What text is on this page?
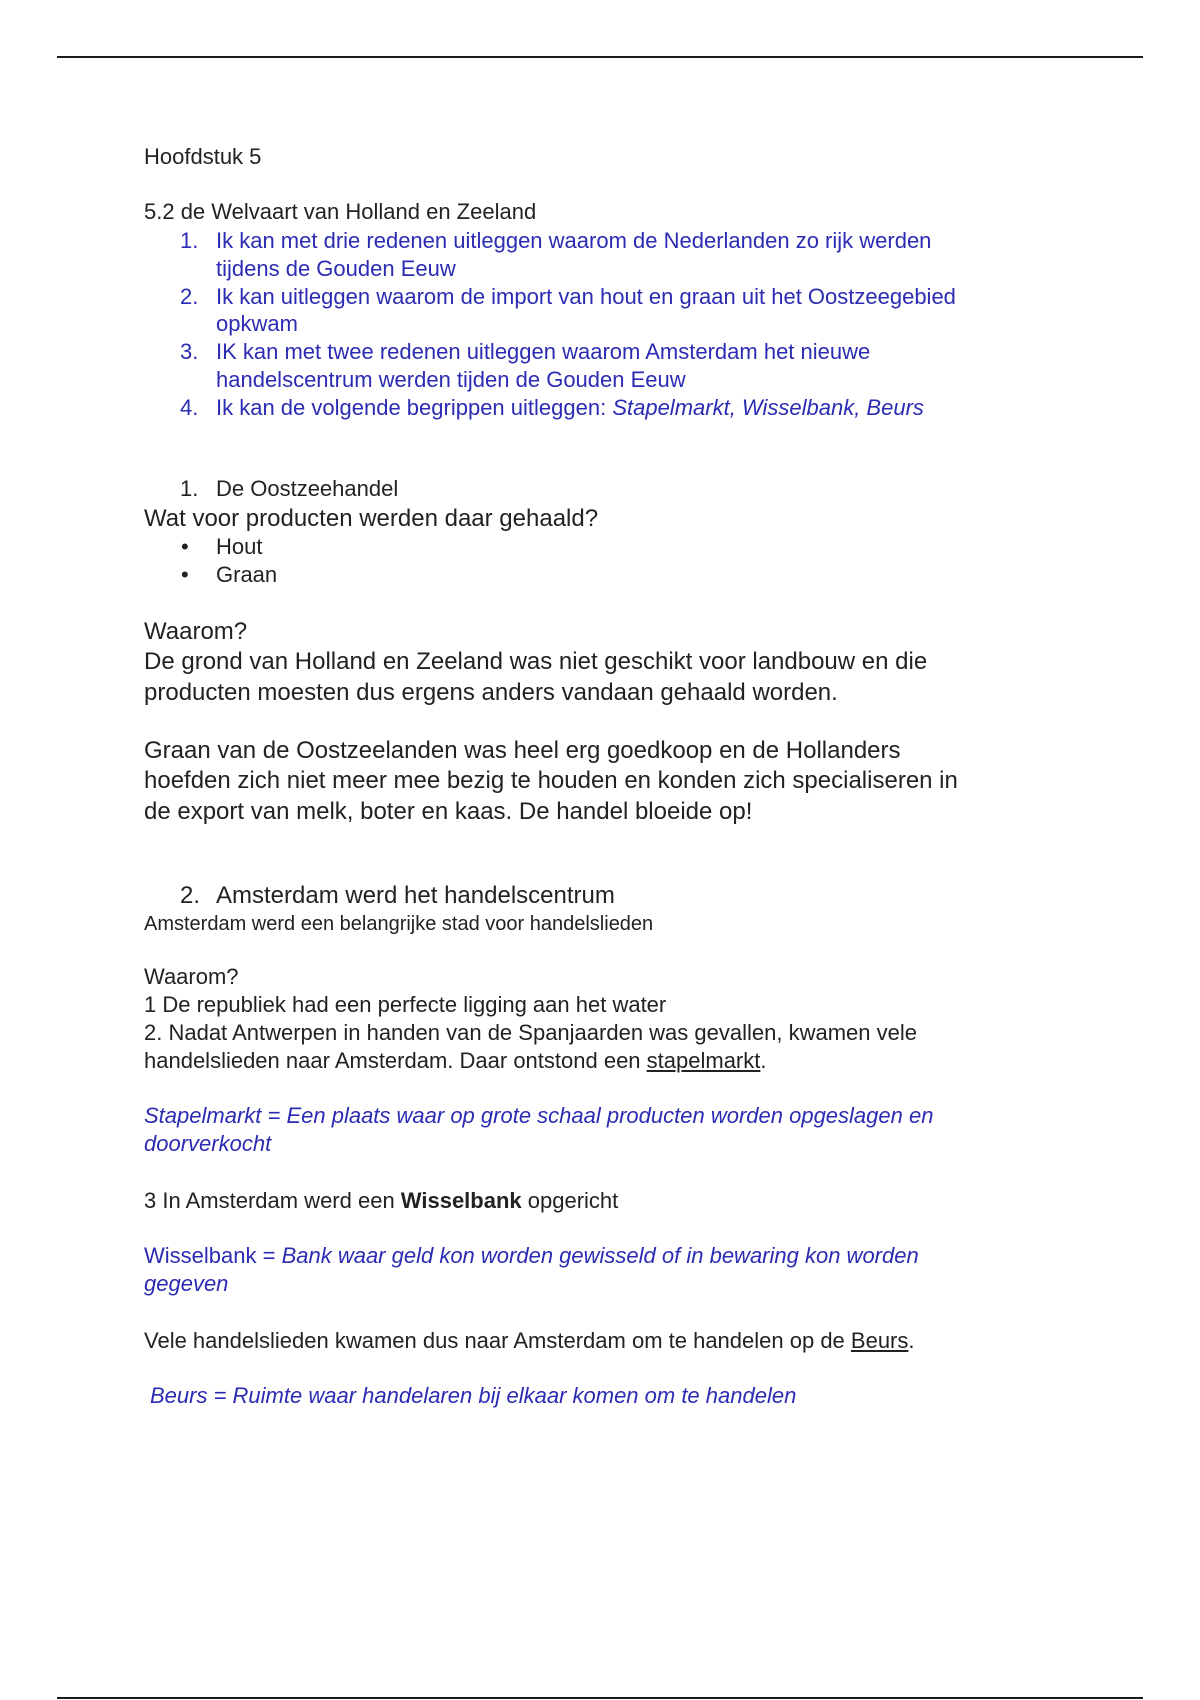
Hoofdstuk 5
5.2 de Welvaart van Holland en Zeeland
1. Ik kan met drie redenen uitleggen waarom de Nederlanden zo rijk werden
tijdens de Gouden Eeuw
2. Ik kan uitleggen waarom de import van hout en graan uit het Oostzeegebied
opkwam
3. IK kan met twee redenen uitleggen waarom Amsterdam het nieuwe
handelscentrum werden tijden de Gouden Eeuw
4. Ik kan de volgende begrippen uitleggen: Stapelmarkt, Wisselbank, Beurs
1. De Oostzeehandel
Wat voor producten werden daar gehaald?
• Hout
• Graan
Waarom?
De grond van Holland en Zeeland was niet geschikt voor landbouw en die
producten moesten dus ergens anders vandaan gehaald worden.
Graan van de Oostzeelanden was heel erg goedkoop en de Hollanders
hoefden zich niet meer mee bezig te houden en konden zich specialiseren in
de export van melk, boter en kaas. De handel bloeide op!
2. Amsterdam werd het handelscentrum
Amsterdam werd een belangrijke stad voor handelslieden
Waarom?
1 De republiek had een perfecte ligging aan het water
2. Nadat Antwerpen in handen van de Spanjaarden was gevallen, kwamen vele
handelslieden naar Amsterdam. Daar ontstond een stapelmarkt.
Stapelmarkt = Een plaats waar op grote schaal producten worden opgeslagen en
doorverkocht
3 In Amsterdam werd een Wisselbank opgericht
Wisselbank = Bank waar geld kon worden gewisseld of in bewaring kon worden
gegeven
Vele handelslieden kwamen dus naar Amsterdam om te handelen op de Beurs.
Beurs = Ruimte waar handelaren bij elkaar komen om te handelen
